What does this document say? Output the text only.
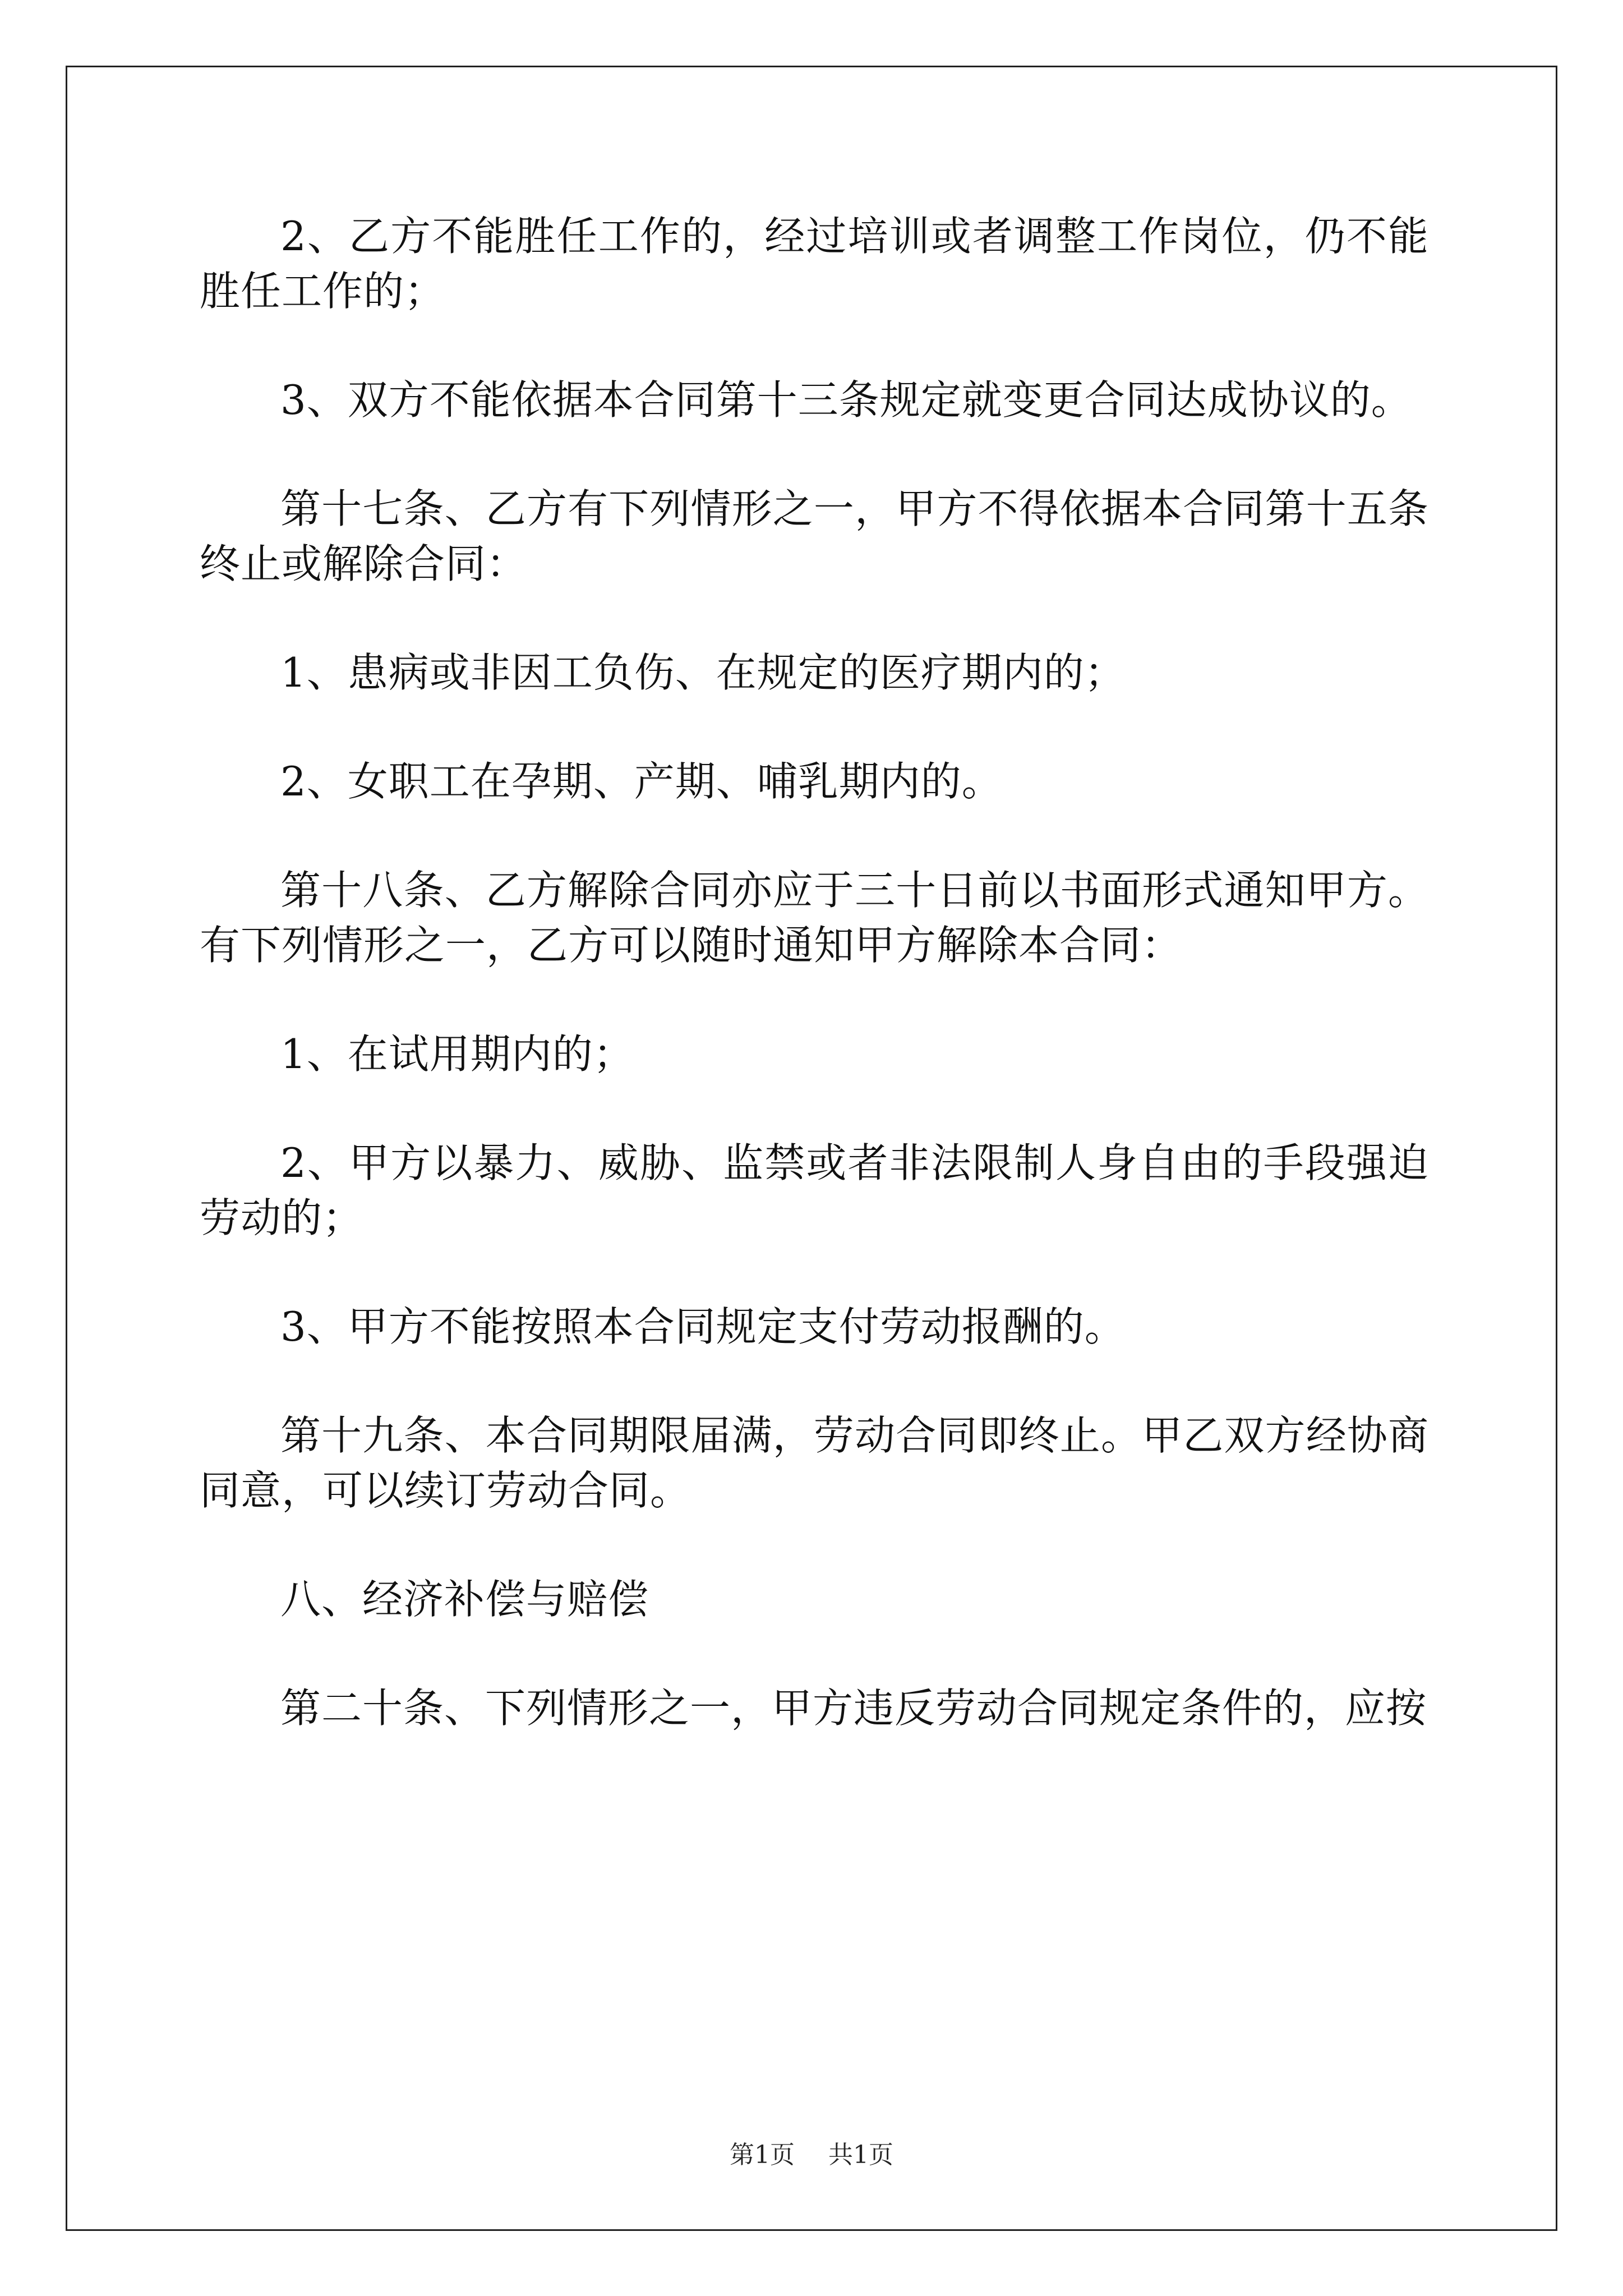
2、乙方不能胜任工作的，经过培训或者调整工作岗位，仍不能胜任工作的；

3、双方不能依据本合同第十三条规定就变更合同达成协议的。

第十七条、乙方有下列情形之一，甲方不得依据本合同第十五条终止或解除合同：

1、患病或非因工负伤、在规定的医疗期内的；

2、女职工在孕期、产期、哺乳期内的。

第十八条、乙方解除合同亦应于三十日前以书面形式通知甲方。有下列情形之一，乙方可以随时通知甲方解除本合同：

1、在试用期内的；

2、甲方以暴力、威胁、监禁或者非法限制人身自由的手段强迫劳动的；

3、甲方不能按照本合同规定支付劳动报酬的。

第十九条、本合同期限届满，劳动合同即终止。甲乙双方经协商同意，可以续订劳动合同。

八、经济补偿与赔偿

第二十条、下列情形之一，甲方违反劳动合同规定条件的，应按

第1页 共1页
